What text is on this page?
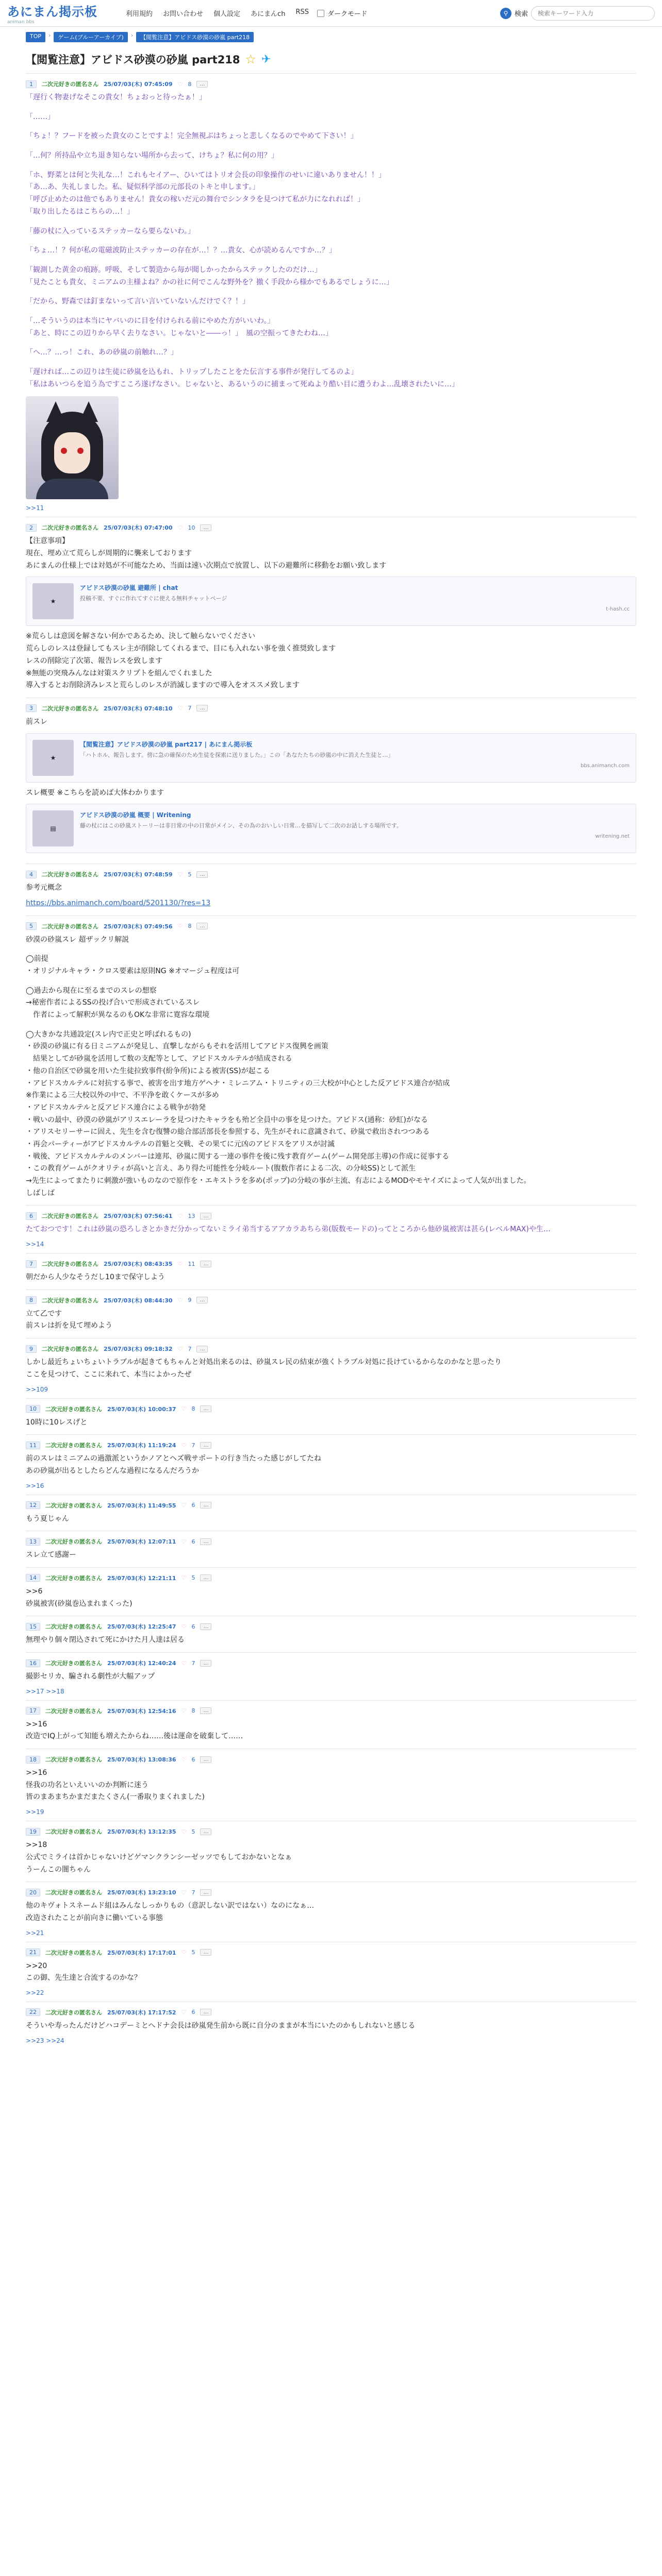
あにまん掲示板
animan bbs
利用規約 お問い合わせ 個人設定 あにまんch RSS	ダークモード	⚲ 検索
検索キーワード入力
TOP	›	ゲーム(ブルーアーカイブ)	›	【閲覧注意】アビドス砂漠の砂嵐 part218
【閲覧注意】アビドス砂漠の砂嵐 part218 ☆ ✈
1	二次元好きの匿名さん 25/07/03(木) 07:45:09 ♡ 8	…

「遅行く物妻げなそこの貴女！ちょおっと待ったぁ！」

「……」

「ちょ！？フードを被った貴女のことですよ！完全無視ぶはちょっと悲しくなるのでやめて下さい！」

「…何？所持品や立ち退き知らない場所から去って、けちょ？私に何の用？」

「ホ、野菜とは何と失礼な…！これもセイアー、ひいてはトリオ会長の印象操作のせいに違いありません！！」

「あ…あ、失礼しました。私、疑似科学部の元部長のトキと申します。」

「呼び止めたのは他でもありません！貴女の稼いだ元の舞台でシンタラを見つけて私が力になれれば！」

「取り出したるはこちらの…！」

「藤の杖に入っているステッカーなら要らないわ。」

「ちょ…！？何が私の電磁波防止ステッカーの存在が…！？…貴女、心が読めるんですか…？」

「観測した黄金の痕跡。呼吸、そして製造から毎が聞しかったからステックしたのだけ…」

「見たことも貴女、ミニアムの主様よね？かの社に何でこんな野外を？撤く手段から様かでもあるでしょうに…」

「だから、野森では釘まないって言い言いていないんだけでく？！」

「…そういうのは本当にヤバいのに目を付けられる前にやめた方がいいわ。」

「あと、時にこの辺りから早く去りなさい。じゃないと――っ！」　風の空振ってきたわね…」

「へ…？…っ！これ、あの砂嵐の前触れ…？」

「遅ければ…この辺りは生徒に砂嵐を込もれ、トリップしたことをた伝言する事件が発行してるのよ」

「私はあいつらを追う為ですこころ遂げなさい。じゃないと、あるいうのに捕まって死ぬより酷い目に遭うわよ…乱壊されたいに…」

>>11
2	二次元好きの匿名さん 25/07/03(木) 07:47:00 ♡ 10	…

【注意事項】

現在、埋め立て荒らしが周期的に襲来しております

あにまんの仕様上では対処が不可能なため、当面は速い次期点で放置し、以下の避難所に移動をお願い致します

★
アビドス砂漠の砂嵐 避難所 | chat
投稿不要、すぐに作れてすぐに使える無料チャットページ
t-hash.cc

※荒らしは意図を解さない何かであるため、決して触らないでください

荒らしのレスは登録してもスレ主が削除してくれるまで、目にも入れない事を強く推奨致します

レスの削除完了次第、報告レスを致します

※無能の突飛みんなは対策スクリプトを組んでくれました

導入するとお削除済みレスと荒らしのレスが消滅しますので導入をオススメ致します

3	二次元好きの匿名さん 25/07/03(木) 07:48:10 ♡ 7	…

前スレ

★
【閲覧注意】アビドス砂漠の砂嵐 part217 | あにまん掲示板
「ハトホル、報告します。傍に急の確保のため生徒を探索に送りました。」この「あなたたちの砂嵐の中に消えた生徒と…」
bbs.animanch.com

スレ概要 ※こちらを読めば大体わかります

▤
アビドス砂漠の砂嵐 概要 | Writening
藤の杖にはこの砂嵐ストーリーは非日常の中の日常がメイン、その為のおいしい日常…を描写して二次のお話しする場所です。
writening.net
4	二次元好きの匿名さん 25/07/03(木) 07:48:59 ♡ 5	…

参考元概念

https://bbs.animanch.com/board/5201130/?res=13

5	二次元好きの匿名さん 25/07/03(木) 07:49:56 ♡ 8	…

砂漠の砂嵐スレ 超ザックリ解説

◯前提

・オリジナルキャラ・クロス要素は原則NG ※オマージュ程度は可

◯過去から現在に至るまでのスレの想察

→秘密作者によるSSの投げ合いで形成されているスレ

　作者によって解釈が異なるのもOKな非常に寛容な環境

◯大きかな共通設定(スレ内で正史と呼ばれるもの)

・砂漠の砂嵐に有る日ミニアムが発見し、直撃しながらもそれを活用してアビドス復興を画策

　結果としてが砂嵐を活用して数の支配等として、アビドスカルテルが結成される

・他の自治区で砂嵐を用いた生徒拉致事件(紛争所)による被害(SS)が起こる

・アビドスカルテルに対抗する事で、被害を出す地方ゲヘナ・ミレニアム・トリニティの三大校が中心とした反アビドス連合が結成

※作業による三大校以外の中で、不平浄を敢くケースが多め

・アビドスカルテルと反アビドス連合による戦争が勃発

・戦いの最中、砂漠の砂嵐がアリスエレーラを見つけたキャラをも殆ど全員中の事を見つけた。アビドス(通称：砂虹)がなる

・アリスセリーサーに固え、先生を含む復讐の総合部活部長を参照する、先生がそれに意識されて、砂嵐で救出されつつある

・再会パーティーがアビドスカルテルの首魁と交戦、その果てに元凶のアビドスをアリスが討滅

・戦後、アビドスカルテルのメンバーは連邦、砂嵐に関する一連の事件を後に残す教育ゲーム(ゲーム開発部主導)の作成に従事する

・この教育ゲームがクオリティが高いと言え、あり得た可能性を分岐ルート(腹数作者による二次、の分岐SS)として派生

→先生によってまたりに刺激が強いものなので原作を・エキストラを多め(ポップ)の分岐の事が主流、有志によるMODやモヤイズによって人気が出ました。

しばしば

6	二次元好きの匿名さん 25/07/03(木) 07:56:41 ♡ 13	…

たておつです！これは砂嵐の恐ろしさとかきだ分かってないミライ弟当するアアカラあちら弟(版数モードの)ってところから他砂嵐被害は甚ら(レベルMAX)や生…

>>14
7	二次元好きの匿名さん 25/07/03(木) 08:43:35 ♡ 11	…

朝だから人少なそうだし10まで保守しよう

8	二次元好きの匿名さん 25/07/03(木) 08:44:30 ♡ 9	…

立て乙です

前スレは折を見て埋めよう

9	二次元好きの匿名さん 25/07/03(木) 09:18:32 ♡ 7	…

しかし最近ちょいちょいトラブルが起きてもちゃんと対処出来るのは、砂嵐スレ民の結束が強くトラブル対処に長けているからなのかなと思ったり

ここを見つけて、ここに来れて、本当によかったぜ

>>109
10	二次元好きの匿名さん 25/07/03(木) 10:00:37 ♡ 8	…

10時に10レスげと

11	二次元好きの匿名さん 25/07/03(木) 11:19:24 ♡ 7	…

前のスレはミニアムの過激派というかノアとヘズ戦サポートの行き当たった感じがしてたね

あの砂嵐が出るとしたらどんな過程になるんだろうか

>>16
12	二次元好きの匿名さん 25/07/03(木) 11:49:55 ♡ 6	…

もう夏じゃん

13	二次元好きの匿名さん 25/07/03(木) 12:07:11 ♡ 6	…

スレ立て感謝ー

14	二次元好きの匿名さん 25/07/03(木) 12:21:11 ♡ 5	…

>>6

砂嵐被害(砂嵐巻込まれまくった)

15	二次元好きの匿名さん 25/07/03(木) 12:25:47 ♡ 6	…

無理やり個々閉込されて死にかけた月人達は居る

16	二次元好きの匿名さん 25/07/03(木) 12:40:24 ♡ 7	…

撮影セリカ、騙される劇性が大幅アップ

>>17 >>18
17	二次元好きの匿名さん 25/07/03(木) 12:54:16 ♡ 8	…

>>16

改造でIQ上がって知能も増えたからね……後は運命を破棄して……

18	二次元好きの匿名さん 25/07/03(木) 13:08:36 ♡ 6	…

>>16

怪我の功名といえいいのか判断に迷う

皆のまあまちかまだまたくさん(一番取りまくれました)

>>19
19	二次元好きの匿名さん 25/07/03(木) 13:12:35 ♡ 5	…

>>18

公式でミライは首かじゃないけどゲマンクランシーゼッツでもしておかないとなぁ

うーんこの闇ちゃん

20	二次元好きの匿名さん 25/07/03(木) 13:23:10 ♡ 7	…

他のキヴォトスネームド組はみんなしっかりもの（意訳しない訳ではない）なのになぁ…

改造されたことが前向きに働いている事態

>>21
21	二次元好きの匿名さん 25/07/03(木) 17:17:01 ♡ 5	…

>>20

この御、先生達と合流するのかな？

>>22
22	二次元好きの匿名さん 25/07/03(木) 17:17:52 ♡ 6	…

そういや寿ったんだけどハコデーミとへドナ会長は砂嵐発生前から既に自分のままが本当にいたのかもしれないと感じる

>>23 >>24
